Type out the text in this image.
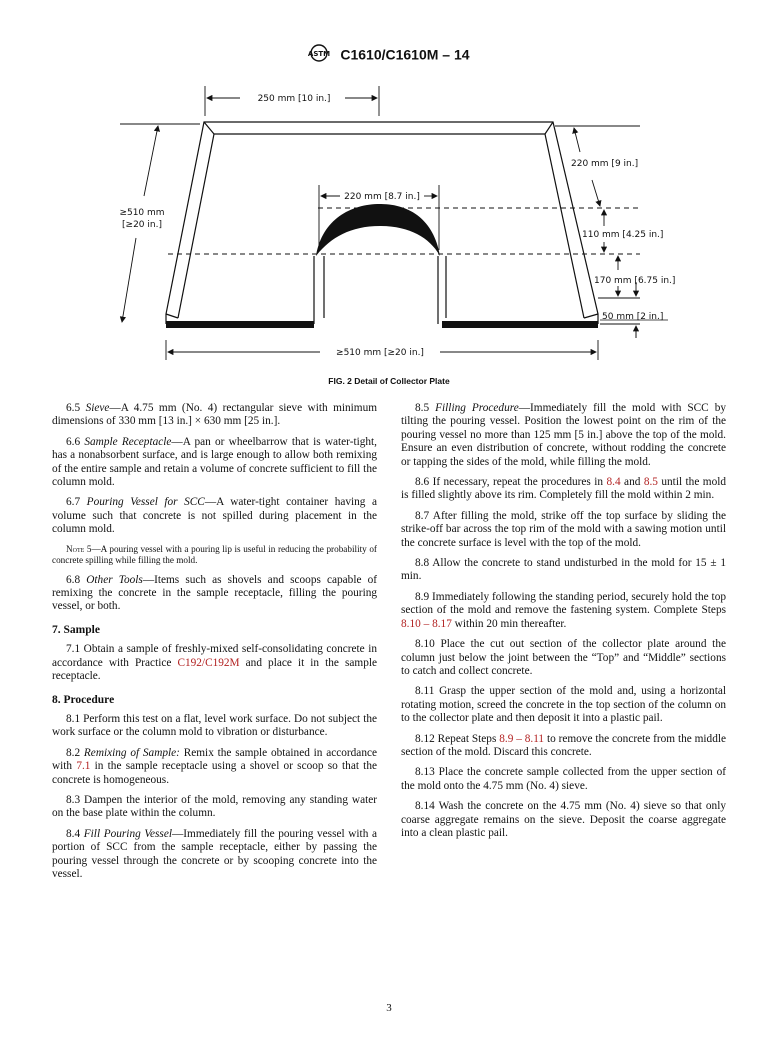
ASTM C1610/C1610M – 14
250 mm [10 in.]
220 mm [8.7 in.]
≥510 mm
[≥20 in.]
220 mm [9 in.]
110 mm [4.25 in.]
170 mm [6.75 in.]
50 mm [2 in.]
≥510 mm [≥20 in.]
FIG. 2 Detail of Collector Plate

6.5 Sieve—A 4.75 mm (No. 4) rectangular sieve with minimum dimensions of 330 mm [13 in.] × 630 mm [25 in.].

6.6 Sample Receptacle—A pan or wheelbarrow that is water-tight, has a nonabsorbent surface, and is large enough to allow both remixing of the entire sample and retain a volume of concrete sufficient to fill the column mold.

6.7 Pouring Vessel for SCC—A water-tight container having a volume such that concrete is not spilled during placement in the column mold.

Note 5—A pouring vessel with a pouring lip is useful in reducing the probability of concrete spilling while filling the mold.

6.8 Other Tools—Items such as shovels and scoops capable of remixing the concrete in the sample receptacle, filling the pouring vessel, or both.

7. Sample

7.1 Obtain a sample of freshly-mixed self-consolidating concrete in accordance with Practice C192/C192M and place it in the sample receptacle.

8. Procedure

8.1 Perform this test on a flat, level work surface. Do not subject the work surface or the column mold to vibration or disturbance.

8.2 Remixing of Sample: Remix the sample obtained in accordance with 7.1 in the sample receptacle using a shovel or scoop so that the concrete is homogeneous.

8.3 Dampen the interior of the mold, removing any standing water on the base plate within the column.

8.4 Fill Pouring Vessel—Immediately fill the pouring vessel with a portion of SCC from the sample receptacle, either by passing the pouring vessel through the concrete or by scooping concrete into the vessel.

8.5 Filling Procedure—Immediately fill the mold with SCC by tilting the pouring vessel. Position the lowest point on the rim of the pouring vessel no more than 125 mm [5 in.] above the top of the mold. Ensure an even distribution of concrete, without rodding the concrete or tapping the sides of the mold, while filling the mold.

8.6 If necessary, repeat the procedures in 8.4 and 8.5 until the mold is filled slightly above its rim. Completely fill the mold within 2 min.

8.7 After filling the mold, strike off the top surface by sliding the strike-off bar across the top rim of the mold with a sawing motion until the concrete surface is level with the top of the mold.

8.8 Allow the concrete to stand undisturbed in the mold for 15 ± 1 min.

8.9 Immediately following the standing period, securely hold the top section of the mold and remove the fastening system. Complete Steps 8.10 – 8.17 within 20 min thereafter.

8.10 Place the cut out section of the collector plate around the column just below the joint between the “Top” and “Middle” sections to catch and collect concrete.

8.11 Grasp the upper section of the mold and, using a horizontal rotating motion, screed the concrete in the top section of the column on to the collector plate and then deposit it into a plastic pail.

8.12 Repeat Steps 8.9 – 8.11 to remove the concrete from the middle section of the mold. Discard this concrete.

8.13 Place the concrete sample collected from the upper section of the mold onto the 4.75 mm (No. 4) sieve.

8.14 Wash the concrete on the 4.75 mm (No. 4) sieve so that only coarse aggregate remains on the sieve. Deposit the coarse aggregate into a clean plastic pail.

3
